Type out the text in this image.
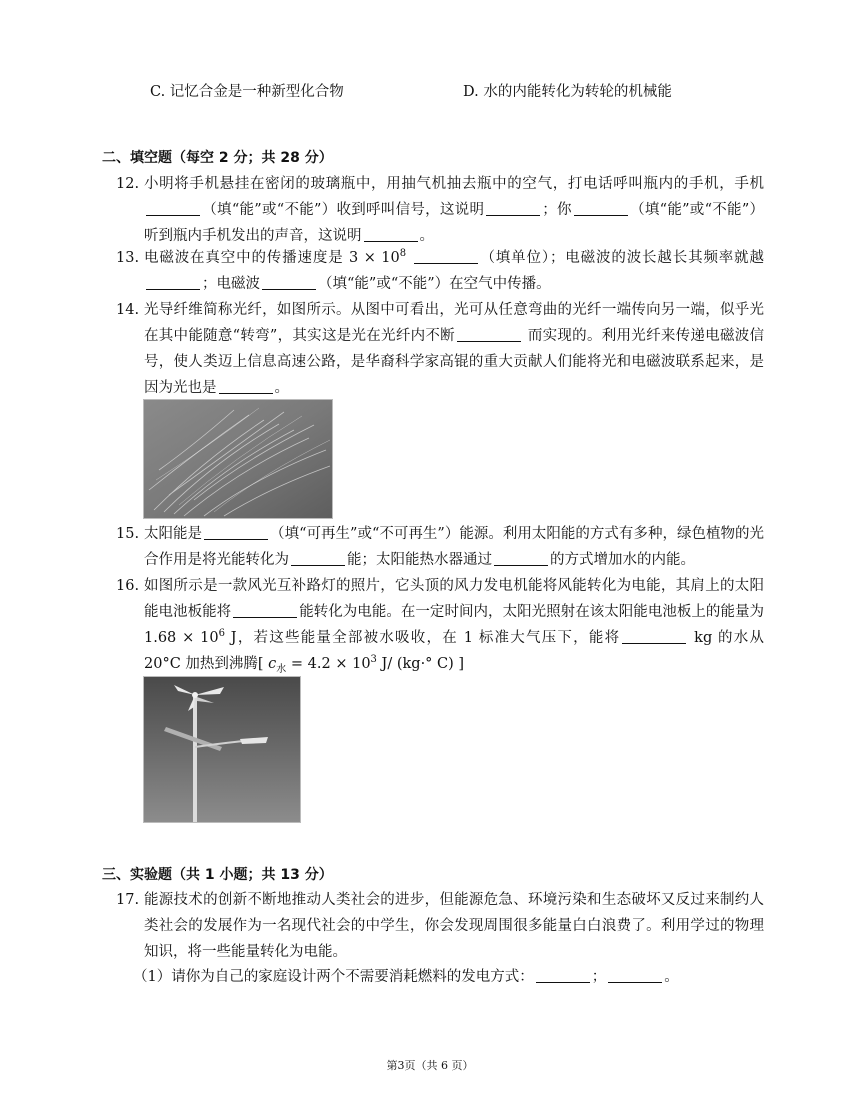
C. 记忆合金是一种新型化合物	D. 水的内能转化为转轮的机械能
二、填空题（每空 2 分；共 28 分）
12. 小明将手机悬挂在密闭的玻璃瓶中，用抽气机抽去瓶中的空气，打电话呼叫瓶内的手机，手机（填“能”或“不能”）收到呼叫信号，这说明	；你	（填“能”或“不能”）听到瓶内手机发出的声音，这说明	。
13. 电磁波在真空中的传播速度是 $3 \times 10^8$	（填单位）；电磁波的波长越长其频率就越；电磁波	（填“能”或“不能”）在空气中传播。
14. 光导纤维简称光纤，如图所示。从图中可看出，光可从任意弯曲的光纤一端传向另一端，似乎光在其中能随意“转弯”，其实这是光在光纤内不断	而实现的。利用光纤来传递电磁波信号，使人类迈上信息高速公路，是华裔科学家高锟的重大贡献人们能将光和电磁波联系起来，是因为光也是	。
15. 太阳能是	（填“可再生”或“不可再生”）能源。利用太阳能的方式有多种，绿色植物的光合作用是将光能转化为	能；太阳能热水器通过	的方式增加水的内能。
16. 如图所示是一款风光互补路灯的照片，它头顶的风力发电机能将风能转化为电能，其肩上的太阳能电池板能将	能转化为电能。在一定时间内，太阳光照射在该太阳能电池板上的能量为 $1.68 \times 10^6$ J，若这些能量全部被水吸收，在 1 标准大气压下，能将	kg 的水从 20°C 加热到沸腾[ $c_水 = 4.2 \times 10^3$ J/ (kg·° C) ]
三、实验题（共 1 小题；共 13 分）
17. 能源技术的创新不断地推动人类社会的进步，但能源危急、环境污染和生态破坏又反过来制约人类社会的发展作为一名现代社会的中学生，你会发现周围很多能量白白浪费了。利用学过的物理知识，将一些能量转化为电能。
（1）请你为自己的家庭设计两个不需要消耗燃料的发电方式：	；	。
第3页（共 6 页）
